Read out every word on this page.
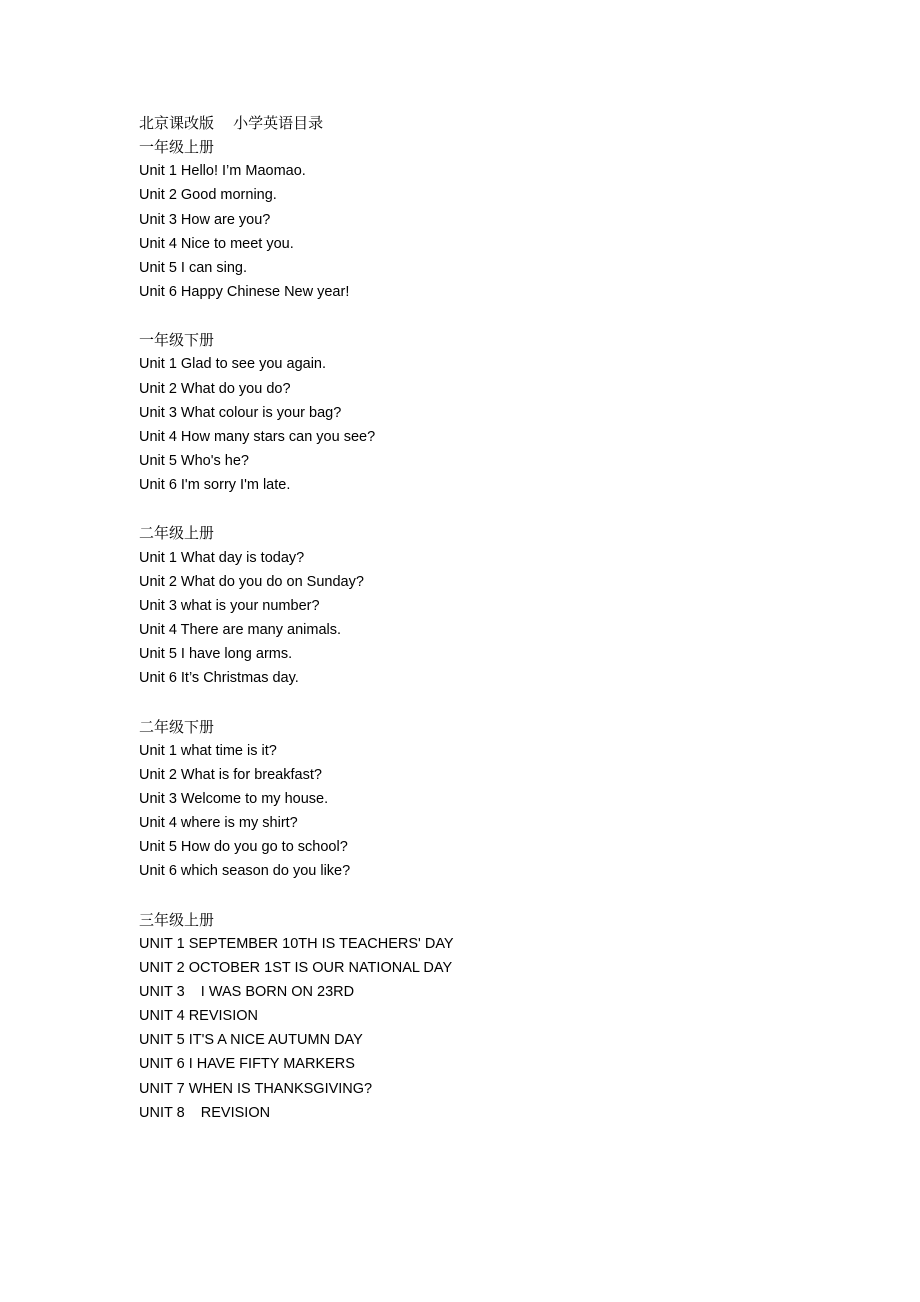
北京课改版    小学英语目录
一年级上册
Unit 1 Hello! I’m Maomao.
Unit 2 Good morning.
Unit 3 How are you?
Unit 4 Nice to meet you.
Unit 5 I can sing.
Unit 6 Happy Chinese New year!
一年级下册
Unit 1 Glad to see you again.
Unit 2 What do you do?
Unit 3 What colour is your bag?
Unit 4 How many stars can you see?
Unit 5 Who's he?
Unit 6 I'm sorry I'm late.
二年级上册
Unit 1 What day is today?
Unit 2 What do you do on Sunday?
Unit 3 what is your number?
Unit 4 There are many animals.
Unit 5 I have long arms.
Unit 6 It’s Christmas day.
二年级下册
Unit 1 what time is it?
Unit 2 What is for breakfast?
Unit 3 Welcome to my house.
Unit 4 where is my shirt?
Unit 5 How do you go to school?
Unit 6 which season do you like?
三年级上册
UNIT 1 SEPTEMBER 10TH IS TEACHERS' DAY
UNIT 2 OCTOBER 1ST IS OUR NATIONAL DAY
UNIT 3    I WAS BORN ON 23RD
UNIT 4 REVISION
UNIT 5 IT'S A NICE AUTUMN DAY
UNIT 6 I HAVE FIFTY MARKERS
UNIT 7 WHEN IS THANKSGIVING?
UNIT 8    REVISION
